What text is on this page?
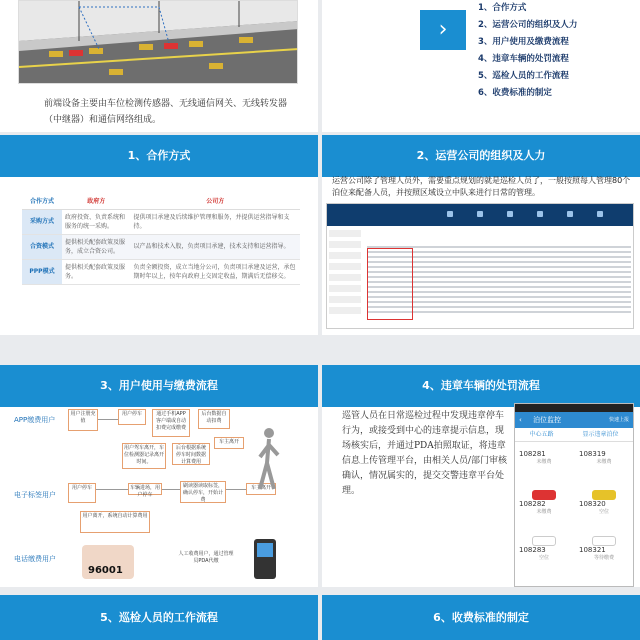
前端设备主要由车位检测传感器、无线通信网关、无线转发器（中继器）和通信网络组成。
›
1、合作方式
2、运营公司的组织及人力
3、用户使用及缴费流程
4、违章车辆的处罚流程
5、巡检人员的工作流程
6、收费标准的制定
1、合作方式
合作方式	政府方	公司方
采购方式	政府投资、负责系统和服务的统一采购。	提供项目承建及后续维护管理和服务，并提供运营指导和支持。
合资模式	提供相关配套政策及服务，成立合资公司。	以产品和技术入股，负责项目承建，技术支持和运营指导。
PPP模式	提供相关配套政策及服务。	负责全额投资，成立当地分公司，负责项目承建及运营，承包期时年以上，按年向政府上交固定收益，期满后无偿移交。
2、运营公司的组织及人力
运营公司除了管理人员外，需要重点规划的就是巡检人员了，一般按照每人管理80个泊位来配备人员，并按照区域设立中队来进行日常的管理。
3、用户使用与缴费流程
APP缴费用户
电子标签用户
电话缴费用户
用户注册充值
用户停车	通过手机APP客户端或自动扣费完成缴费
后台数据自动扣费
车主离开
用户驾车离开，车位检测器记录离开时间。
后台根据系统停车时间数据计算费用
用户停车	车辆进场，用户停车
刷读器读取标签，确认停车，开始计费
车主离开
用户离开，系统自动计算费用
人工收费用户，通过管理员PDA代缴
96001
4、违章车辆的处罚流程
巡管人员在日常巡检过程中发现违章停车行为，或接受到中心的违章提示信息，现场核实后，并通过PDA拍照取证，将违章信息上传管理平台，由相关人员/部门审核确认，情况属实的，提交交警违章平台处理。
‹ 泊位监控	快速上报
中心五路	显示违章泊位
108281
未缴费
108319
未缴费
108282
未缴费
108320
空位
108283
空位
108321
等待缴费
5、巡检人员的工作流程	6、收费标准的制定
